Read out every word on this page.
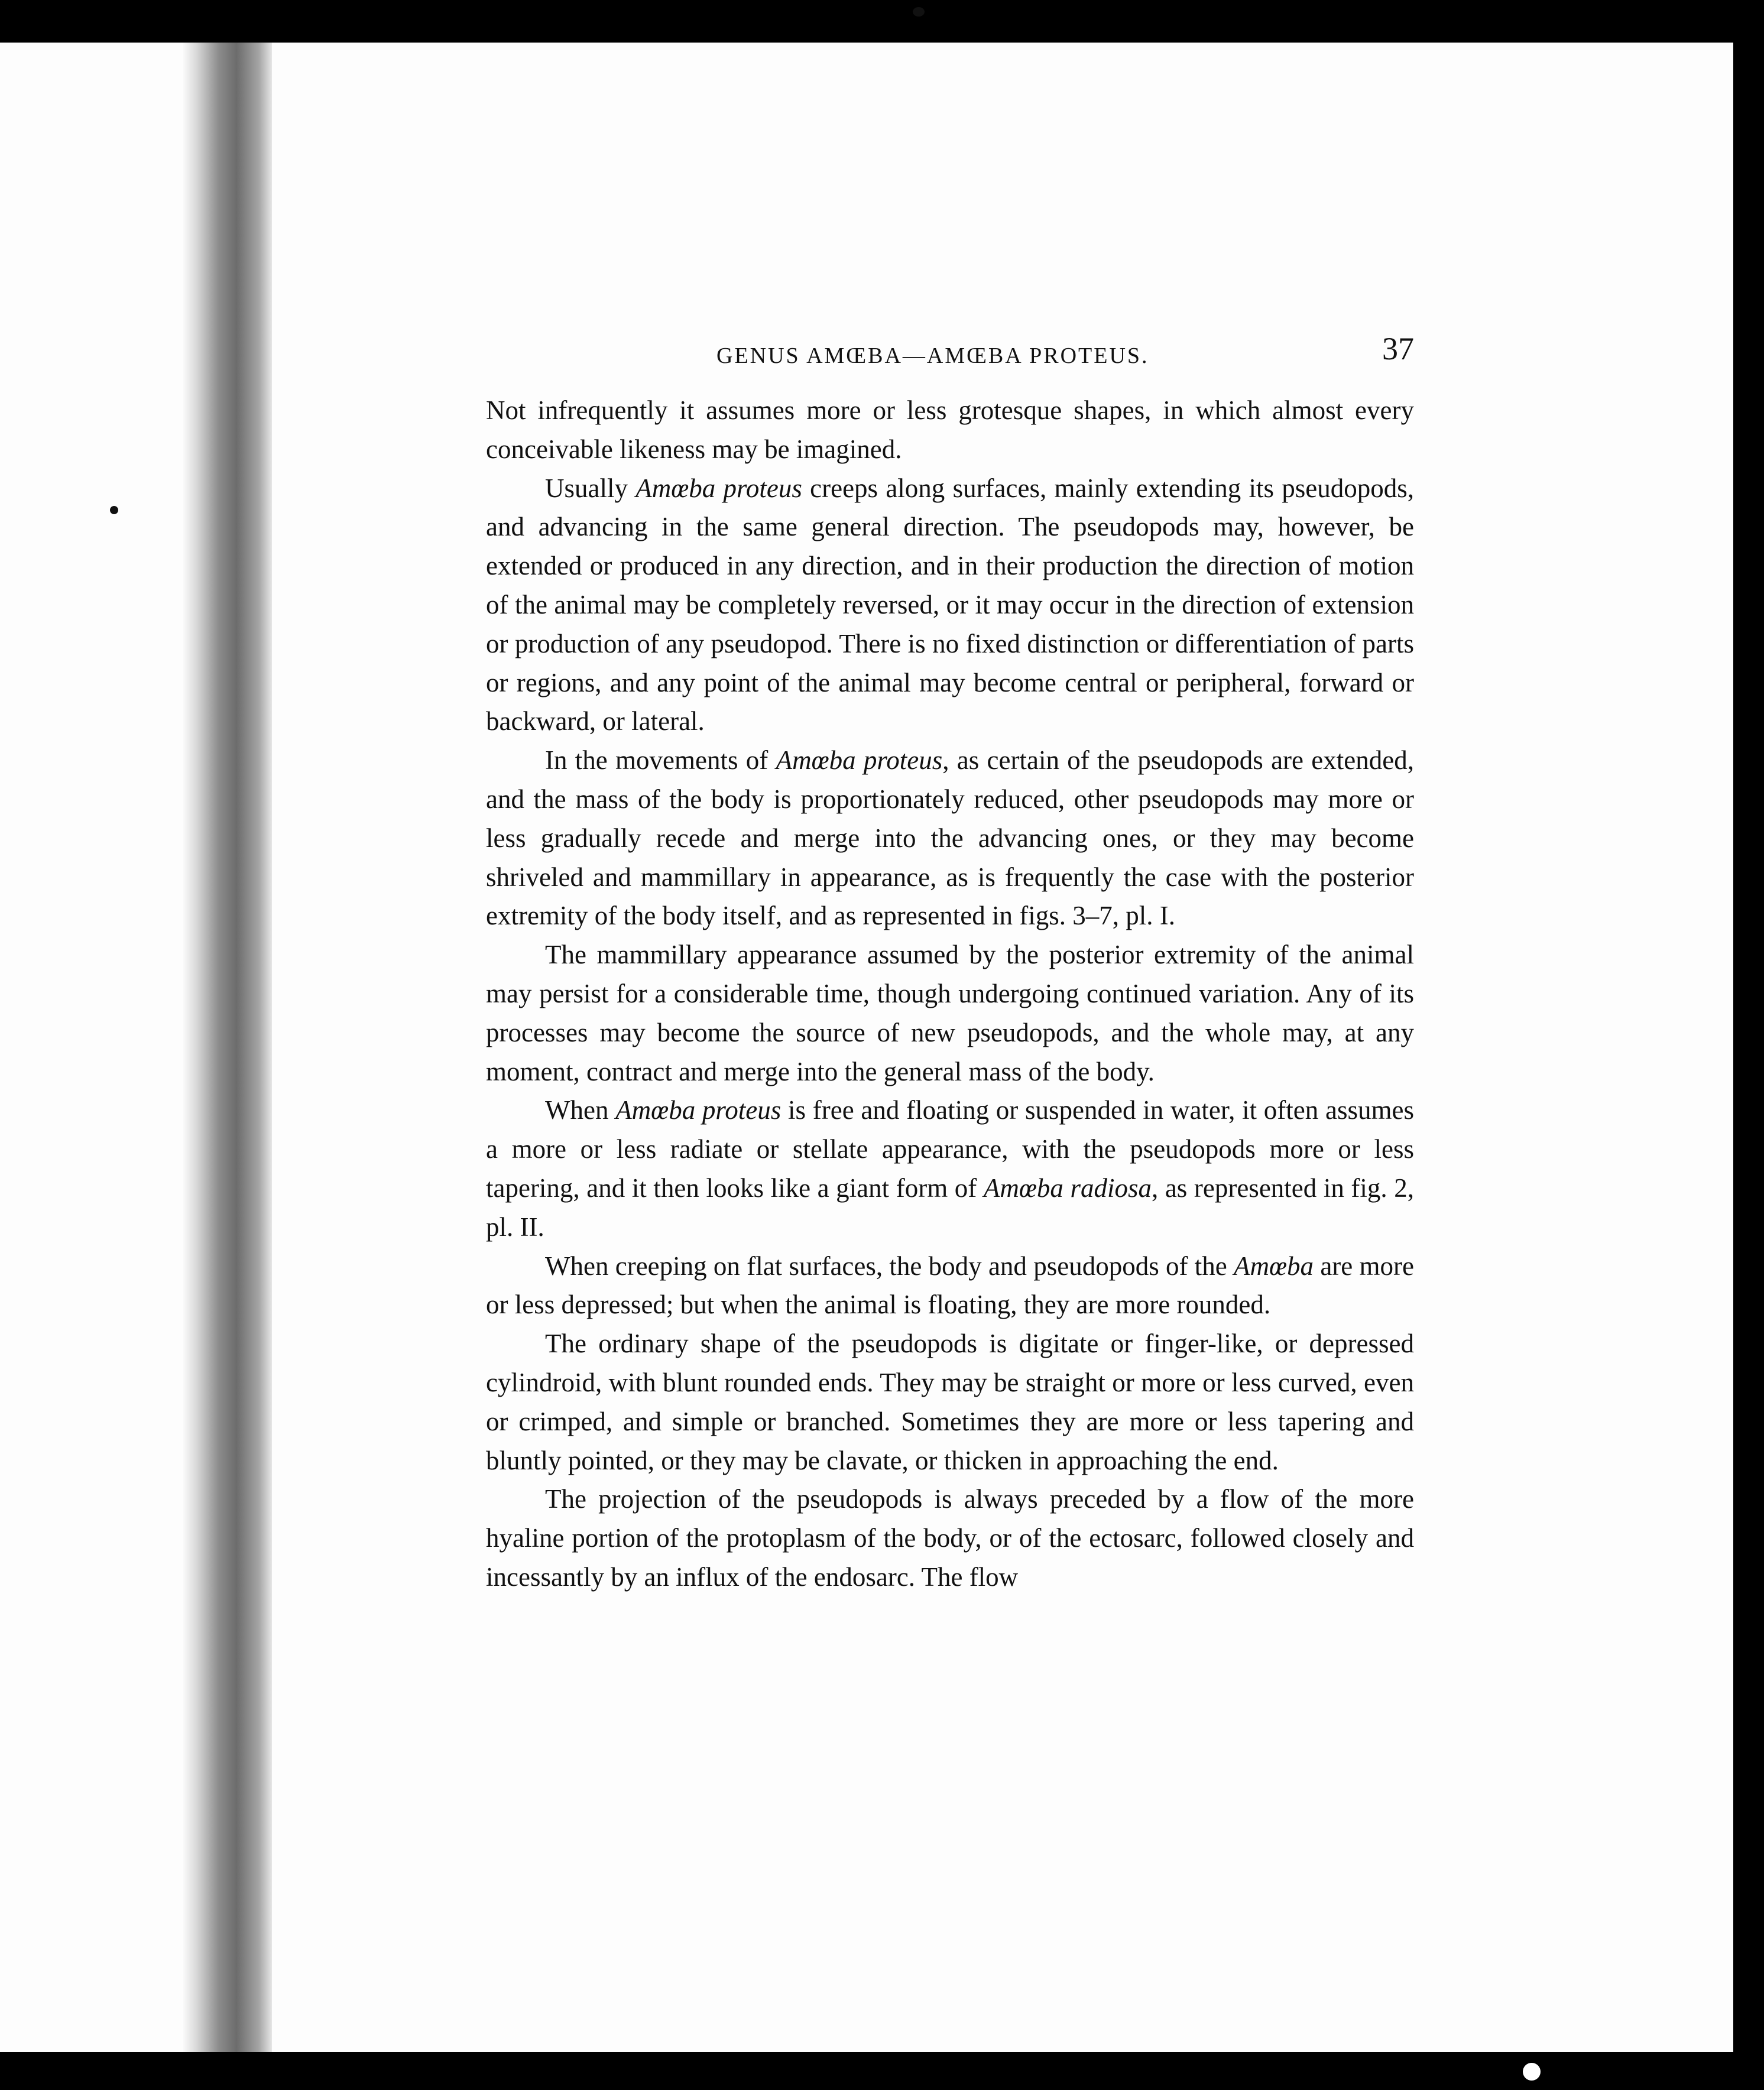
GENUS AMŒBA—AMŒBA PROTEUS.	37

Not infrequently it assumes more or less grotesque shapes, in which almost every conceivable likeness may be imagined.

Usually Amœba proteus creeps along surfaces, mainly extending its pseudopods, and advancing in the same general direction. The pseudopods may, however, be extended or produced in any direction, and in their production the direction of motion of the animal may be completely reversed, or it may occur in the direction of extension or production of any pseudopod. There is no fixed distinction or differentiation of parts or regions, and any point of the animal may become central or peripheral, forward or backward, or lateral.

In the movements of Amœba proteus, as certain of the pseudopods are extended, and the mass of the body is proportionately reduced, other pseudopods may more or less gradually recede and merge into the advancing ones, or they may become shriveled and mammillary in appearance, as is frequently the case with the posterior extremity of the body itself, and as represented in figs. 3–7, pl. I.

The mammillary appearance assumed by the posterior extremity of the animal may persist for a considerable time, though undergoing continued variation. Any of its processes may become the source of new pseudopods, and the whole may, at any moment, contract and merge into the general mass of the body.

When Amœba proteus is free and floating or suspended in water, it often assumes a more or less radiate or stellate appearance, with the pseudopods more or less tapering, and it then looks like a giant form of Amœba radiosa, as represented in fig. 2, pl. II.

When creeping on flat surfaces, the body and pseudopods of the Amœba are more or less depressed; but when the animal is floating, they are more rounded.

The ordinary shape of the pseudopods is digitate or finger-like, or depressed cylindroid, with blunt rounded ends. They may be straight or more or less curved, even or crimped, and simple or branched. Sometimes they are more or less tapering and bluntly pointed, or they may be clavate, or thicken in approaching the end.

The projection of the pseudopods is always preceded by a flow of the more hyaline portion of the protoplasm of the body, or of the ectosarc, followed closely and incessantly by an influx of the endosarc. The flow
